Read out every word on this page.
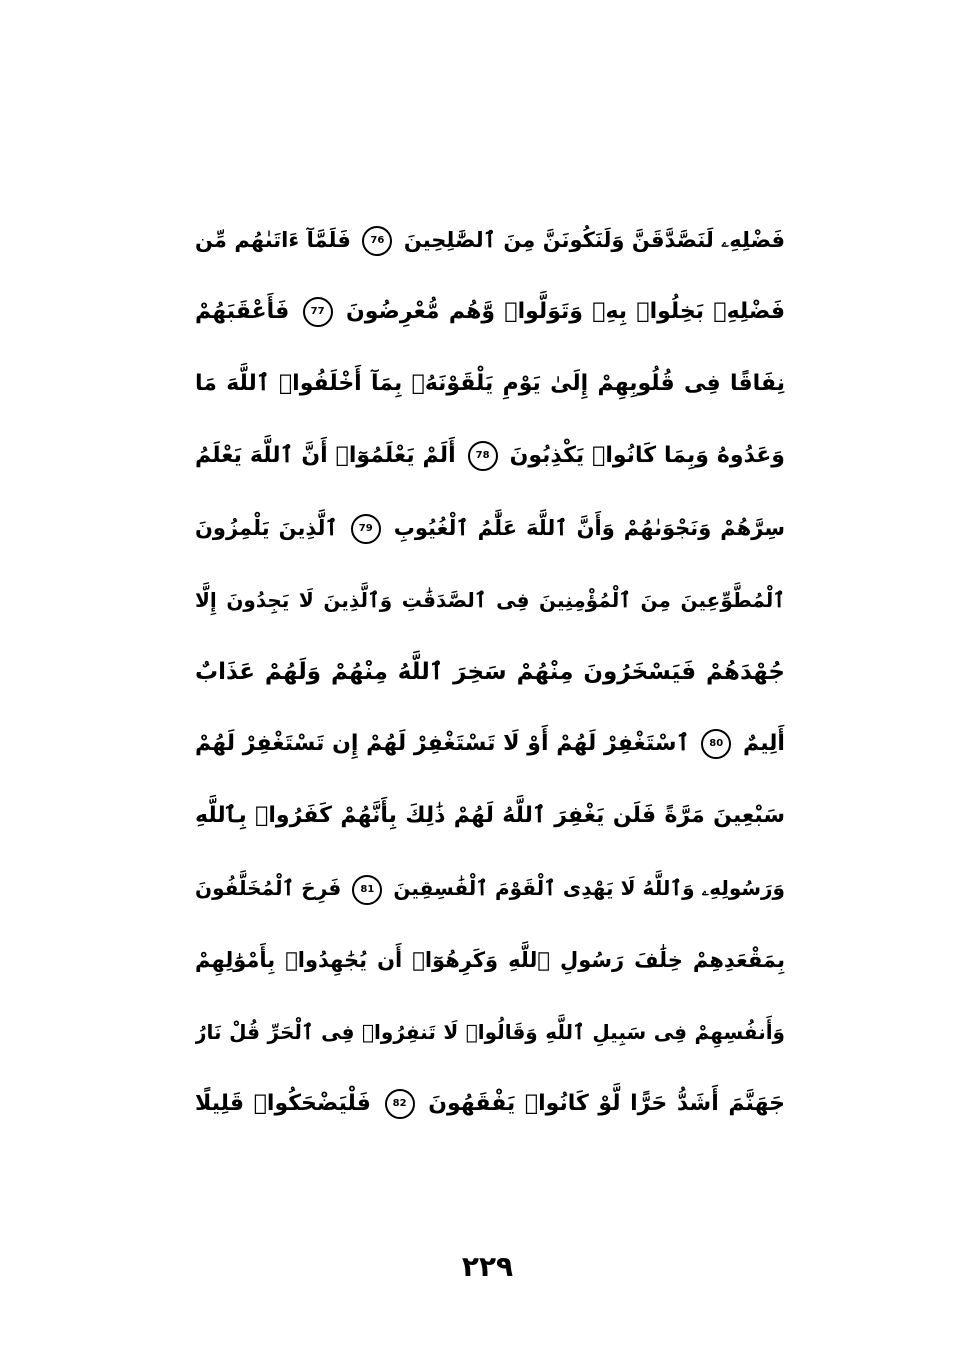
فَضْلِهِۦ لَنَصَّدَّقَنَّ وَلَنَكُونَنَّ مِنَ ٱلصَّٰلِحِينَ 76 فَلَمَّآ ءَاتَىٰهُم مِّن
فَضْلِهِۦ بَخِلُوا۟ بِهِۦ وَتَوَلَّوا۟ وَّهُم مُّعْرِضُونَ 77 فَأَعْقَبَهُمْ
نِفَاقًا فِى قُلُوبِهِمْ إِلَىٰ يَوْمِ يَلْقَوْنَهُۥ بِمَآ أَخْلَفُوا۟ ٱللَّهَ مَا
وَعَدُوهُ وَبِمَا كَانُوا۟ يَكْذِبُونَ 78 أَلَمْ يَعْلَمُوٓا۟ أَنَّ ٱللَّهَ يَعْلَمُ
سِرَّهُمْ وَنَجْوَىٰهُمْ وَأَنَّ ٱللَّهَ عَلَّٰمُ ٱلْغُيُوبِ 79 ٱلَّذِينَ يَلْمِزُونَ
ٱلْمُطَّوِّعِينَ مِنَ ٱلْمُؤْمِنِينَ فِى ٱلصَّدَقَٰتِ وَٱلَّذِينَ لَا يَجِدُونَ إِلَّا
جُهْدَهُمْ فَيَسْخَرُونَ مِنْهُمْ سَخِرَ ٱللَّهُ مِنْهُمْ وَلَهُمْ عَذَابٌ
أَلِيمٌ 80 ٱسْتَغْفِرْ لَهُمْ أَوْ لَا تَسْتَغْفِرْ لَهُمْ إِن تَسْتَغْفِرْ لَهُمْ
سَبْعِينَ مَرَّةً فَلَن يَغْفِرَ ٱللَّهُ لَهُمْ ذَٰلِكَ بِأَنَّهُمْ كَفَرُوا۟ بِٱللَّهِ
وَرَسُولِهِۦ وَٱللَّهُ لَا يَهْدِى ٱلْقَوْمَ ٱلْفَٰسِقِينَ 81 فَرِحَ ٱلْمُخَلَّفُونَ
بِمَقْعَدِهِمْ خِلَٰفَ رَسُولِ ٱللَّهِ وَكَرِهُوٓا۟ أَن يُجَٰهِدُوا۟ بِأَمْوَٰلِهِمْ
وَأَنفُسِهِمْ فِى سَبِيلِ ٱللَّهِ وَقَالُوا۟ لَا تَنفِرُوا۟ فِى ٱلْحَرِّ قُلْ نَارُ
جَهَنَّمَ أَشَدُّ حَرًّا لَّوْ كَانُوا۟ يَفْقَهُونَ 82 فَلْيَضْحَكُوا۟ قَلِيلًا
٢٢٩
